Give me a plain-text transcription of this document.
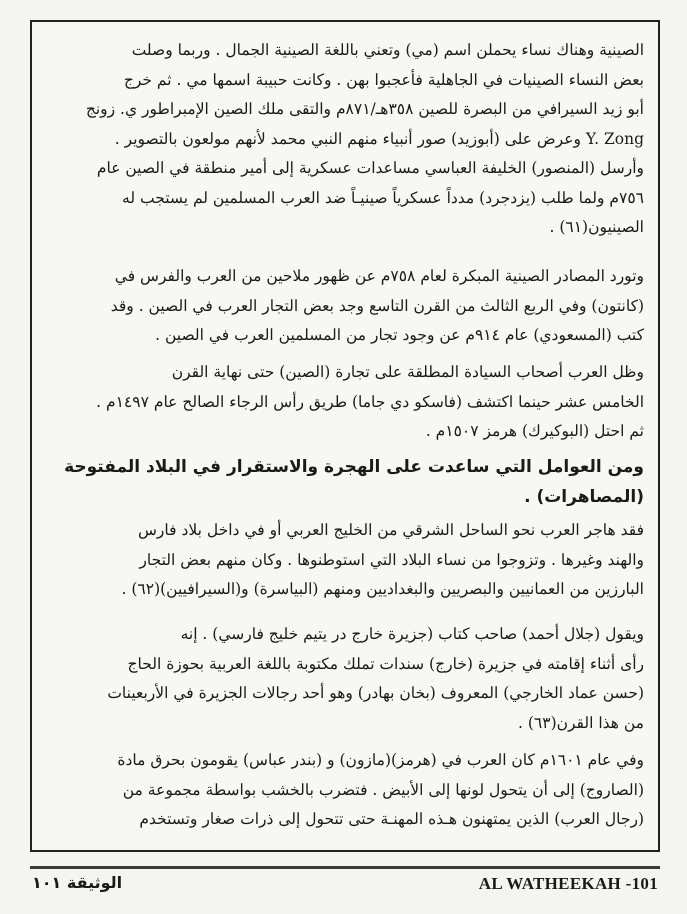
الصينية وهناك نساء يحملن اسم (مي) وتعني باللغة الصينية الجمال . وربما وصلت
بعض النساء الصينيات في الجاهلية فأعجبوا بهن . وكانت حبيبة اسمها مي . ثم خرج
أبو زيد السيرافي من البصرة للصين ٣٥٨هـ/٨٧١م والتقى ملك الصين الإمبراطور ي. زونج
Y. Zong وعرض على (أبوزيد) صور أنبياء منهم النبي محمد لأنهم مولعون بالتصوير .
وأرسل (المنصور) الخليفة العباسي مساعدات عسكرية إلى أمير منطقة في الصين عام
٧٥٦م ولما طلب (يزدجرد) مدداً عسكرياً صينيـاً ضد العرب المسلمين لم يستجب له
الصينيون(٦١) .
وتورد المصادر الصينية المبكرة لعام ٧٥٨م عن ظهور ملاحين من العرب والفرس في
(كانتون) وفي الربع الثالث من القرن التاسع وجد بعض التجار العرب في الصين . وقد
كتب (المسعودي) عام ٩١٤م عن وجود تجار من المسلمين العرب في الصين .
وظل العرب أصحاب السيادة المطلقة على تجارة (الصين) حتى نهاية القرن
الخامس عشر حينما اكتشف (فاسكو دي جاما) طريق رأس الرجاء الصالح عام ١٤٩٧م .
ثم احتل (البوكيرك) هرمز ١٥٠٧م .
ومن العوامل التي ساعدت على الهجرة والاستقرار في البلاد المفتوحة
(المصاهرات) .
فقد هاجر العرب نحو الساحل الشرقي من الخليج العربي أو في داخل بلاد فارس
والهند وغيرها . وتزوجوا من نساء البلاد التي استوطنوها . وكان منهم بعض التجار
البارزين من العمانيين والبصريين والبغداديين ومنهم (البياسرة) و(السيرافيين)(٦٢) .
ويقول (جلال أحمد) صاحب كتاب (جزيرة خارج در يتيم خليج فارسي) . إنه
رأى أثناء إقامته في جزيرة (خارج) سندات تملك مكتوبة باللغة العربية بحوزة الحاج
(حسن عماد الخارجي) المعروف (بخان بهادر) وهو أحد رجالات الجزيرة في الأربعينات
من هذا القرن(٦٣) .
وفي عام ١٦٠١م كان العرب في (هرمز)(مازون) و (بندر عباس) يقومون بحرق مادة
(الصاروج) إلى أن يتحول لونها إلى الأبيض . فتضرب بالخشب بواسطة مجموعة من
(رجال العرب) الذين يمتهنون هـذه المهنـة حتى تتحول إلى ذرات صغار وتستخدم
الوثيقة ١٠١	AL WATHEEKAH -101
